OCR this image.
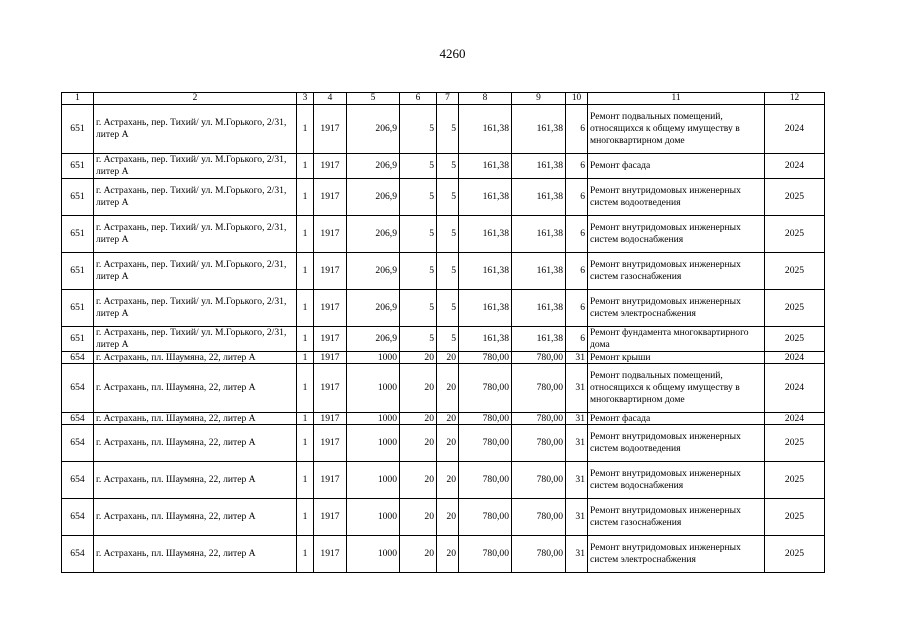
4260
1	2	3	4	5	6	7	8	9	10	11	12
651	г. Астрахань, пер. Тихий/ ул. М.Горького, 2/31, литер А	1	1917	206,9	5	5	161,38	161,38	6	Ремонт подвальных помещений, относящихся к общему имуществу в многоквартирном доме	2024
651	г. Астрахань, пер. Тихий/ ул. М.Горького, 2/31, литер А	1	1917	206,9	5	5	161,38	161,38	6	Ремонт фасада	2024
651	г. Астрахань, пер. Тихий/ ул. М.Горького, 2/31, литер А	1	1917	206,9	5	5	161,38	161,38	6	Ремонт внутридомовых инженерных систем водоотведения	2025
651	г. Астрахань, пер. Тихий/ ул. М.Горького, 2/31, литер А	1	1917	206,9	5	5	161,38	161,38	6	Ремонт внутридомовых инженерных систем водоснабжения	2025
651	г. Астрахань, пер. Тихий/ ул. М.Горького, 2/31, литер А	1	1917	206,9	5	5	161,38	161,38	6	Ремонт внутридомовых инженерных систем газоснабжения	2025
651	г. Астрахань, пер. Тихий/ ул. М.Горького, 2/31, литер А	1	1917	206,9	5	5	161,38	161,38	6	Ремонт внутридомовых инженерных систем электроснабжения	2025
651	г. Астрахань, пер. Тихий/ ул. М.Горького, 2/31, литер А	1	1917	206,9	5	5	161,38	161,38	6	Ремонт фундамента многоквартирного дома	2025
654	г. Астрахань, пл. Шаумяна, 22, литер А	1	1917	1000	20	20	780,00	780,00	31	Ремонт крыши	2024
654	г. Астрахань, пл. Шаумяна, 22, литер А	1	1917	1000	20	20	780,00	780,00	31	Ремонт подвальных помещений, относящихся к общему имуществу в многоквартирном доме	2024
654	г. Астрахань, пл. Шаумяна, 22, литер А	1	1917	1000	20	20	780,00	780,00	31	Ремонт фасада	2024
654	г. Астрахань, пл. Шаумяна, 22, литер А	1	1917	1000	20	20	780,00	780,00	31	Ремонт внутридомовых инженерных систем водоотведения	2025
654	г. Астрахань, пл. Шаумяна, 22, литер А	1	1917	1000	20	20	780,00	780,00	31	Ремонт внутридомовых инженерных систем водоснабжения	2025
654	г. Астрахань, пл. Шаумяна, 22, литер А	1	1917	1000	20	20	780,00	780,00	31	Ремонт внутридомовых инженерных систем газоснабжения	2025
654	г. Астрахань, пл. Шаумяна, 22, литер А	1	1917	1000	20	20	780,00	780,00	31	Ремонт внутридомовых инженерных систем электроснабжения	2025
